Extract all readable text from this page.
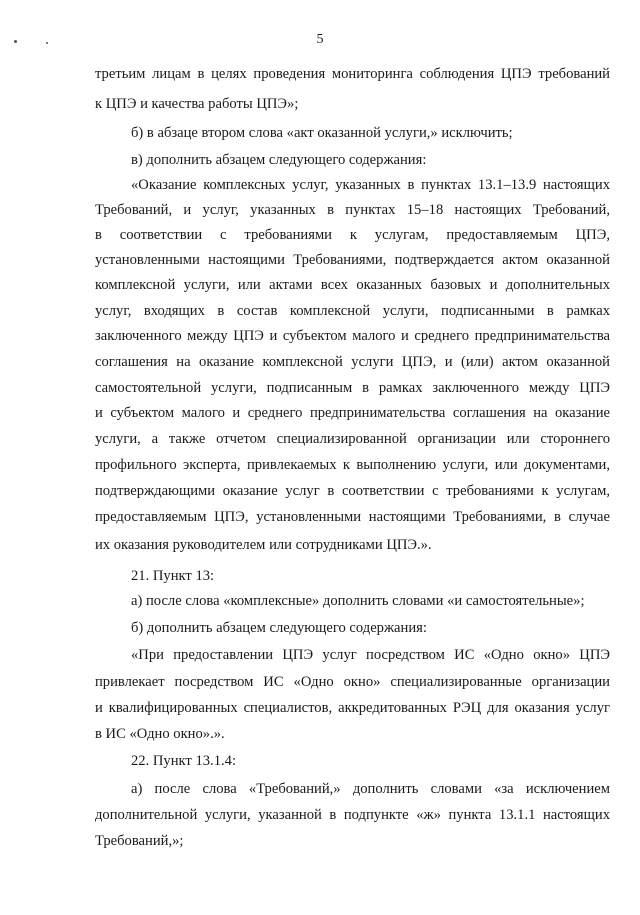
5
третьим лицам в целях проведения мониторинга соблюдения ЦПЭ требований
к ЦПЭ и качества работы ЦПЭ»;
б) в абзаце втором слова «акт оказанной услуги,» исключить;
в) дополнить абзацем следующего содержания:
«Оказание комплексных услуг, указанных в пунктах 13.1–13.9 настоящих
Требований, и услуг, указанных в пунктах 15–18 настоящих Требований,
в соответствии с требованиями к услугам, предоставляемым ЦПЭ,
установленными настоящими Требованиями, подтверждается актом оказанной
комплексной услуги, или актами всех оказанных базовых и дополнительных
услуг, входящих в состав комплексной услуги, подписанными в рамках
заключенного между ЦПЭ и субъектом малого и среднего предпринимательства
соглашения на оказание комплексной услуги ЦПЭ, и (или) актом оказанной
самостоятельной услуги, подписанным в рамках заключенного между ЦПЭ
и субъектом малого и среднего предпринимательства соглашения на оказание
услуги, а также отчетом специализированной организации или стороннего
профильного эксперта, привлекаемых к выполнению услуги, или документами,
подтверждающими оказание услуг в соответствии с требованиями к услугам,
предоставляемым ЦПЭ, установленными настоящими Требованиями, в случае
их оказания руководителем или сотрудниками ЦПЭ.».
21. Пункт 13:
а) после слова «комплексные» дополнить словами «и самостоятельные»;
б) дополнить абзацем следующего содержания:
«При предоставлении ЦПЭ услуг посредством ИС «Одно окно» ЦПЭ
привлекает посредством ИС «Одно окно» специализированные организации
и квалифицированных специалистов, аккредитованных РЭЦ для оказания услуг
в ИС «Одно окно».».
22. Пункт 13.1.4:
а) после слова «Требований,» дополнить словами «за исключением
дополнительной услуги, указанной в подпункте «ж» пункта 13.1.1 настоящих
Требований,»;
